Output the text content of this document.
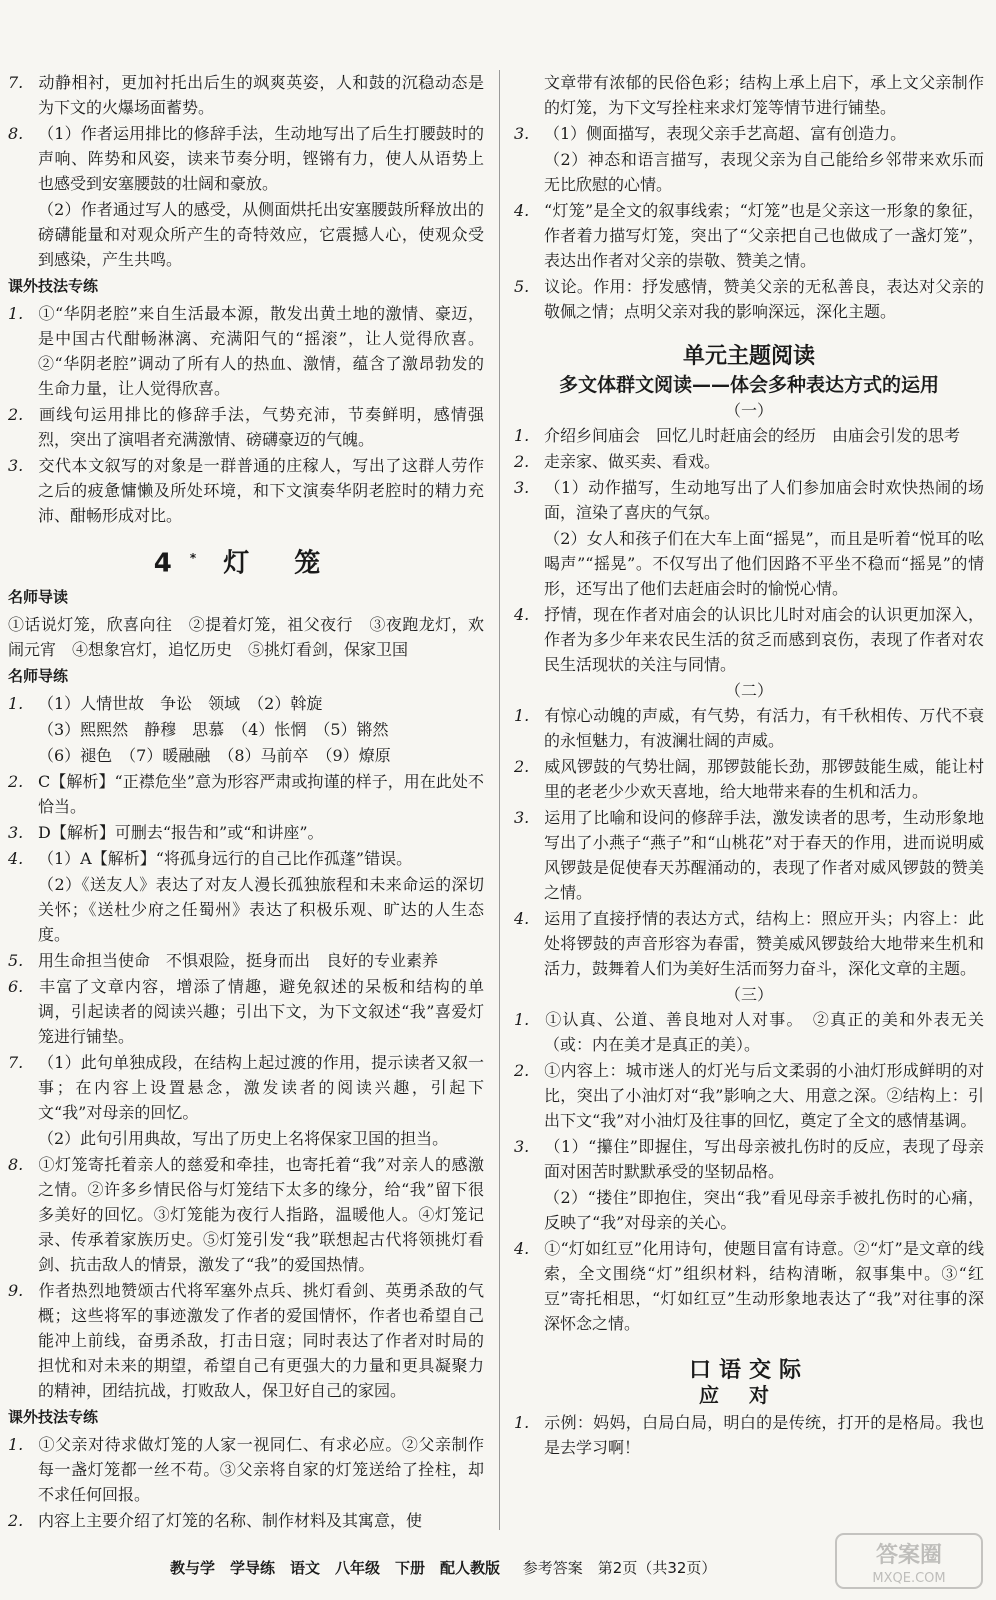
7. 动静相衬，更加衬托出后生的飒爽英姿，人和鼓的沉稳动态是为下文的火爆场面蓄势。
8. （1）作者运用排比的修辞手法，生动地写出了后生打腰鼓时的声响、阵势和风姿，读来节奏分明，铿锵有力，使人从语势上也感受到安塞腰鼓的壮阔和豪放。
（2）作者通过写人的感受，从侧面烘托出安塞腰鼓所释放出的磅礴能量和对观众所产生的奇特效应，它震撼人心，使观众受到感染，产生共鸣。
课外技法专练
1. ①“华阴老腔”来自生活最本源，散发出黄土地的激情、豪迈，是中国古代酣畅淋漓、充满阳气的“摇滚”，让人觉得欣喜。②“华阴老腔”调动了所有人的热血、激情，蕴含了激昂勃发的生命力量，让人觉得欣喜。
2. 画线句运用排比的修辞手法，气势充沛，节奏鲜明，感情强烈，突出了演唱者充满激情、磅礴豪迈的气魄。
3. 交代本文叙写的对象是一群普通的庄稼人，写出了这群人劳作之后的疲惫慵懒及所处环境，和下文演奏华阴老腔时的精力充沛、酣畅形成对比。
4* 灯 笼
名师导读
①话说灯笼，欣喜向往　②提着灯笼，祖父夜行　③夜跑龙灯，欢闹元宵　④想象宫灯，追忆历史　⑤挑灯看剑，保家卫国
名师导练
1. （1）人情世故　争讼　领域　（2）斡旋
（3）熙熙然　静穆　思慕　（4）怅惘　（5）锵然
（6）褪色　（7）暖融融　（8）马前卒　（9）燎原
2. C【解析】“正襟危坐”意为形容严肃或拘谨的样子，用在此处不恰当。
3. D【解析】可删去“报告和”或“和讲座”。
4. （1）A【解析】“将孤身远行的自己比作孤蓬”错误。
（2）《送友人》表达了对友人漫长孤独旅程和未来命运的深切关怀；《送杜少府之任蜀州》表达了积极乐观、旷达的人生态度。
5. 用生命担当使命　不惧艰险，挺身而出　良好的专业素养
6. 丰富了文章内容，增添了情趣，避免叙述的呆板和结构的单调，引起读者的阅读兴趣；引出下文，为下文叙述“我”喜爱灯笼进行铺垫。
7. （1）此句单独成段，在结构上起过渡的作用，提示读者又叙一事；在内容上设置悬念，激发读者的阅读兴趣，引起下文“我”对母亲的回忆。
（2）此句引用典故，写出了历史上名将保家卫国的担当。
8. ①灯笼寄托着亲人的慈爱和牵挂，也寄托着“我”对亲人的感激之情。②许多乡情民俗与灯笼结下太多的缘分，给“我”留下很多美好的回忆。③灯笼能为夜行人指路，温暖他人。④灯笼记录、传承着家族历史。⑤灯笼引发“我”联想起古代将领挑灯看剑、抗击敌人的情景，激发了“我”的爱国热情。
9. 作者热烈地赞颂古代将军塞外点兵、挑灯看剑、英勇杀敌的气概；这些将军的事迹激发了作者的爱国情怀，作者也希望自己能冲上前线，奋勇杀敌，打击日寇；同时表达了作者对时局的担忧和对未来的期望，希望自己有更强大的力量和更具凝聚力的精神，团结抗战，打败敌人，保卫好自己的家园。
课外技法专练
1. ①父亲对待求做灯笼的人家一视同仁、有求必应。②父亲制作每一盏灯笼都一丝不苟。③父亲将自家的灯笼送给了拴柱，却不求任何回报。
2. 内容上主要介绍了灯笼的名称、制作材料及其寓意，使
文章带有浓郁的民俗色彩；结构上承上启下，承上文父亲制作的灯笼，为下文写拴柱来求灯笼等情节进行铺垫。
3. （1）侧面描写，表现父亲手艺高超、富有创造力。
（2）神态和语言描写，表现父亲为自己能给乡邻带来欢乐而无比欣慰的心情。
4. “灯笼”是全文的叙事线索；“灯笼”也是父亲这一形象的象征，作者着力描写灯笼，突出了“父亲把自己也做成了一盏灯笼”，表达出作者对父亲的崇敬、赞美之情。
5. 议论。作用：抒发感情，赞美父亲的无私善良，表达对父亲的敬佩之情；点明父亲对我的影响深远，深化主题。
单元主题阅读
多文体群文阅读——体会多种表达方式的运用
（一）
1. 介绍乡间庙会　回忆儿时赶庙会的经历　由庙会引发的思考
2. 走亲家、做买卖、看戏。
3. （1）动作描写，生动地写出了人们参加庙会时欢快热闹的场面，渲染了喜庆的气氛。
（2）女人和孩子们在大车上面“摇晃”，而且是听着“悦耳的吆喝声”“摇晃”。不仅写出了他们因路不平坐不稳而“摇晃”的情形，还写出了他们去赶庙会时的愉悦心情。
4. 抒情，现在作者对庙会的认识比儿时对庙会的认识更加深入，作者为多少年来农民生活的贫乏而感到哀伤，表现了作者对农民生活现状的关注与同情。
（二）
1. 有惊心动魄的声威，有气势，有活力，有千秋相传、万代不衰的永恒魅力，有波澜壮阔的声威。
2. 威风锣鼓的气势壮阔，那锣鼓能长劲，那锣鼓能生威，能让村里的老老少少欢天喜地，给大地带来春的生机和活力。
3. 运用了比喻和设问的修辞手法，激发读者的思考，生动形象地写出了小燕子“燕子”和“山桃花”对于春天的作用，进而说明威风锣鼓是促使春天苏醒涌动的，表现了作者对威风锣鼓的赞美之情。
4. 运用了直接抒情的表达方式，结构上：照应开头；内容上：此处将锣鼓的声音形容为春雷，赞美威风锣鼓给大地带来生机和活力，鼓舞着人们为美好生活而努力奋斗，深化文章的主题。
（三）
1. ①认真、公道、善良地对人对事。　②真正的美和外表无关（或：内在美才是真正的美）。
2. ①内容上：城市迷人的灯光与后文柔弱的小油灯形成鲜明的对比，突出了小油灯对“我”影响之大、用意之深。②结构上：引出下文“我”对小油灯及往事的回忆，奠定了全文的感情基调。
3. （1）“攥住”即握住，写出母亲被扎伤时的反应，表现了母亲面对困苦时默默承受的坚韧品格。
（2）“搂住”即抱住，突出“我”看见母亲手被扎伤时的心痛，反映了“我”对母亲的关心。
4. ①“灯如红豆”化用诗句，使题目富有诗意。②“灯”是文章的线索，全文围绕“灯”组织材料，结构清晰，叙事集中。③“红豆”寄托相思，“灯如红豆”生动形象地表达了“我”对往事的深深怀念之情。
口语交际
应对
1. 示例：妈妈，白局白局，明白的是传统，打开的是格局。我也是去学习啊！
教与学　学导练　语文　八年级　下册　配人教版 参考答案　第2页（共32页）	答案圈
MXQE.COM
